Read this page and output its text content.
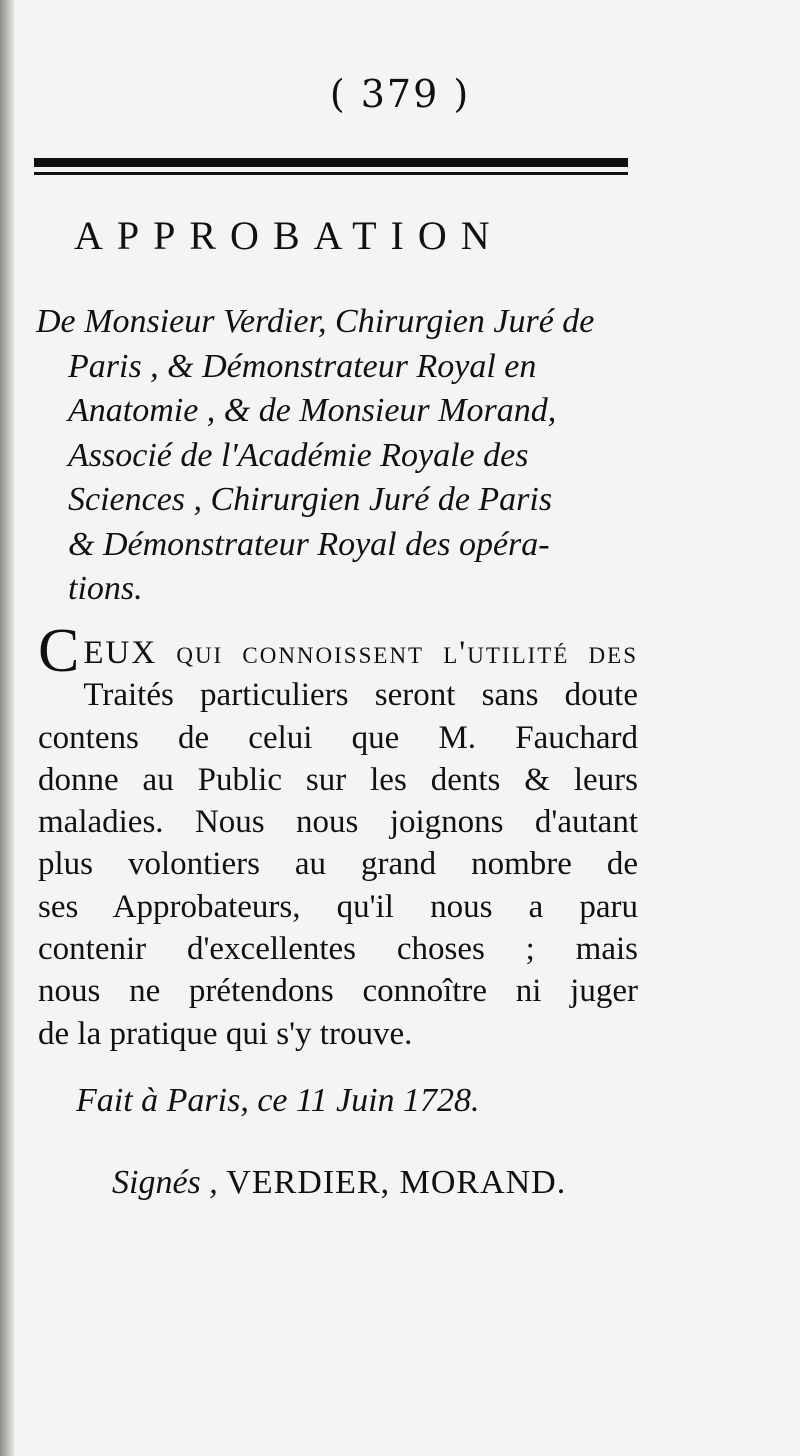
( 379 )
APPROBATION
De Monsieur Verdier, Chirurgien Juré de
Paris , & Démonstrateur Royal en
Anatomie , & de Monsieur Morand,
Associé de l'Académie Royale des
Sciences , Chirurgien Juré de Paris
& Démonstrateur Royal des opéra-
tions.
CEUX qui connoissent l'utilité des
Traités particuliers seront sans doute
contens de celui que M. Fauchard
donne au Public sur les dents & leurs
maladies. Nous nous joignons d'autant
plus volontiers au grand nombre de
ses Approbateurs, qu'il nous a paru
contenir d'excellentes choses ; mais
nous ne prétendons connoître ni juger
de la pratique qui s'y trouve.
Fait à Paris, ce 11 Juin 1728.
Signés , VERDIER, MORAND.
